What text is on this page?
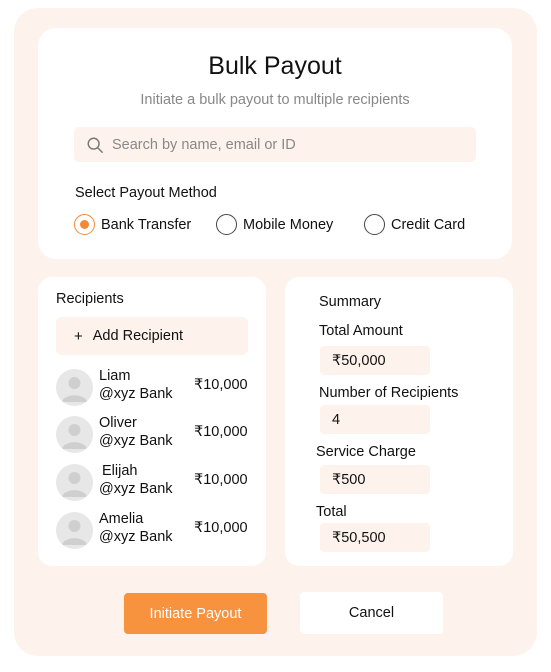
Bulk Payout
Initiate a bulk payout to multiple recipients
Search by name, email or ID
Select Payout Method
Bank Transfer	Mobile Money	Credit Card
Recipients
+ Add Recipient
Liam
@xyz Bank
₹10,000
Oliver
@xyz Bank
₹10,000
Elijah
@xyz Bank
₹10,000
Amelia
@xyz Bank
₹10,000
Summary
Total Amount
₹50,000
Number of Recipients
4
Service Charge
₹500
Total
₹50,500
Initiate Payout	Cancel
